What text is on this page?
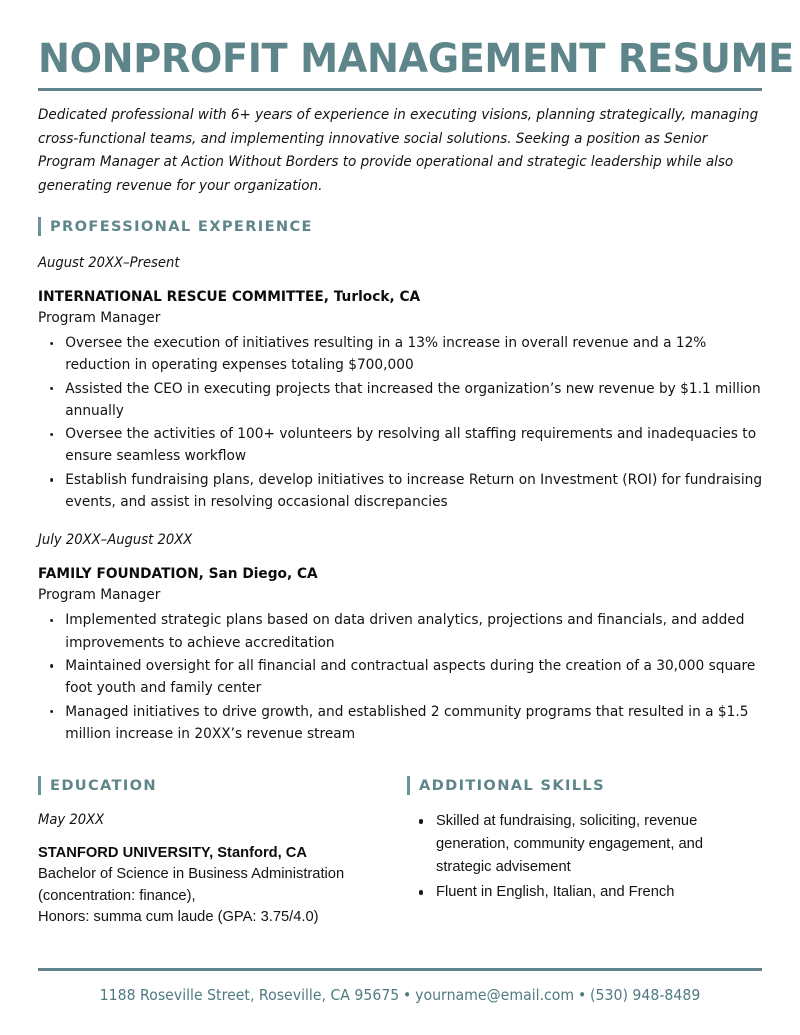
NONPROFIT MANAGEMENT RESUME

Dedicated professional with 6+ years of experience in executing visions, planning strategically, managing cross-functional teams, and implementing innovative social solutions. Seeking a position as Senior Program Manager at Action Without Borders to provide operational and strategic leadership while also generating revenue for your organization.

PROFESSIONAL EXPERIENCE
August 20XX–Present
INTERNATIONAL RESCUE COMMITTEE, Turlock, CA
Program Manager
Oversee the execution of initiatives resulting in a 13% increase in overall revenue and a 12% reduction in operating expenses totaling $700,000
Assisted the CEO in executing projects that increased the organization’s new revenue by $1.1 million annually
Oversee the activities of 100+ volunteers by resolving all staffing requirements and inadequacies to ensure seamless workflow
Establish fundraising plans, develop initiatives to increase Return on Investment (ROI) for fundraising events, and assist in resolving occasional discrepancies
July 20XX–August 20XX
FAMILY FOUNDATION, San Diego, CA
Program Manager
Implemented strategic plans based on data driven analytics, projections and financials, and added improvements to achieve accreditation
Maintained oversight for all financial and contractual aspects during the creation of a 30,000 square foot youth and family center
Managed initiatives to drive growth, and established 2 community programs that resulted in a $1.5 million increase in 20XX’s revenue stream
EDUCATION
May 20XX
STANFORD UNIVERSITY, Stanford, CA
Bachelor of Science in Business Administration
(concentration: finance),
Honors: summa cum laude (GPA: 3.75/4.0)
ADDITIONAL SKILLS
Skilled at fundraising, soliciting, revenue generation, community engagement, and strategic advisement
Fluent in English, Italian, and French
1188 Roseville Street, Roseville, CA 95675 • yourname@email.com • (530) 948-8489
